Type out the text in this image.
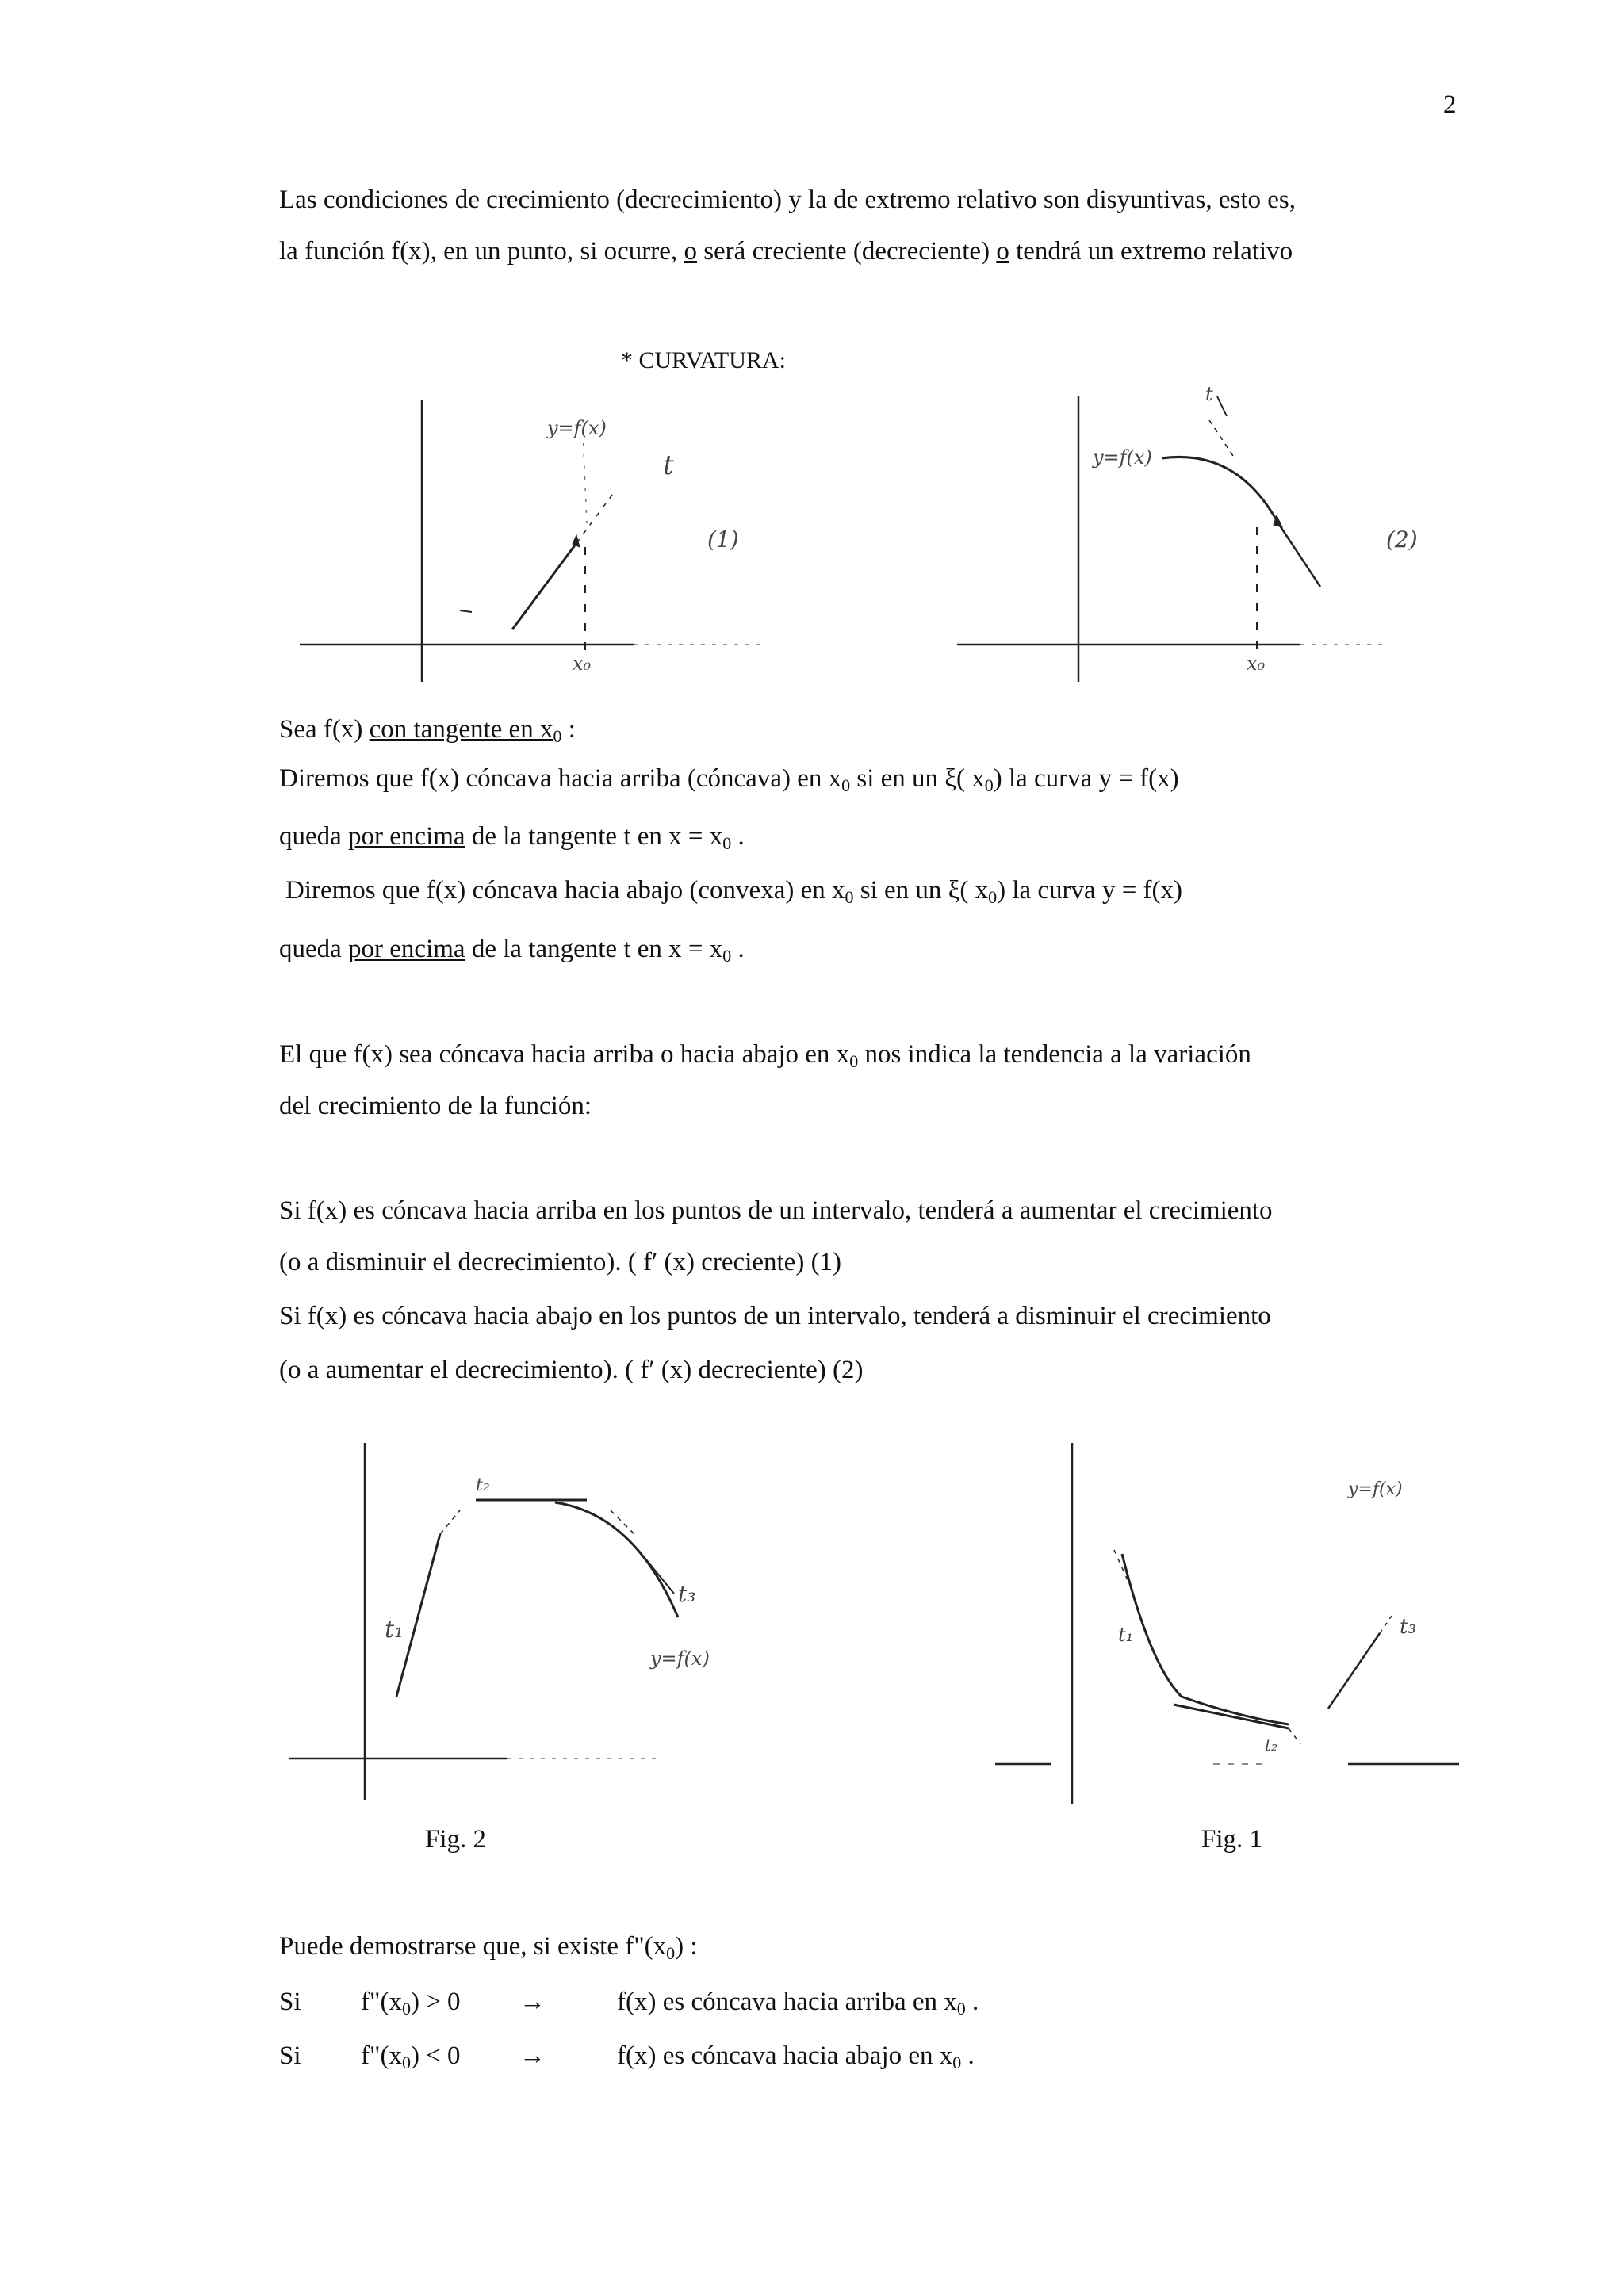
2
Las condiciones de crecimiento (decrecimiento) y la de extremo relativo son disyuntivas, esto es,
la función f(x), en un punto, si ocurre, o será creciente (decreciente) o tendrá un extremo relativo
* CURVATURA:
y=f(x)
t
(1)
x₀
y=f(x)
t
(2)
x₀
Sea f(x) con tangente en $x_0$ :
Diremos que f(x) cóncava hacia arriba (cóncava) en $x_0$ si en un ξ( $x_0$) la curva y = f(x)
queda por encima de la tangente t en $x = x_0$ .
Diremos que f(x) cóncava hacia abajo (convexa) en $x_0$ si en un ξ( $x_0$) la curva y = f(x)
queda por encima de la tangente t en $x = x_0$ .
El que f(x) sea cóncava hacia arriba o hacia abajo en $x_0$ nos indica la tendencia a la variación
del crecimiento de la función:
Si f(x) es cóncava hacia arriba en los puntos de un intervalo, tenderá a aumentar el crecimiento
(o a disminuir el decrecimiento). ( f′ (x) creciente) (1)
Si f(x) es cóncava hacia abajo en los puntos de un intervalo, tenderá a disminuir el crecimiento
(o a aumentar el decrecimiento). ( f′ (x) decreciente) (2)
t₁
t₂
t₃
y=f(x)
t₁
t₂
t₃
y=f(x)
Fig. 2	Fig. 1
Puede demostrarse que, si existe $f"(x_0)$ :
Si $f"(x_0) > 0$ →	f(x) es cóncava hacia arriba en $x_0$ .
Si $f"(x_0) < 0$ →	f(x) es cóncava hacia abajo en $x_0$ .
